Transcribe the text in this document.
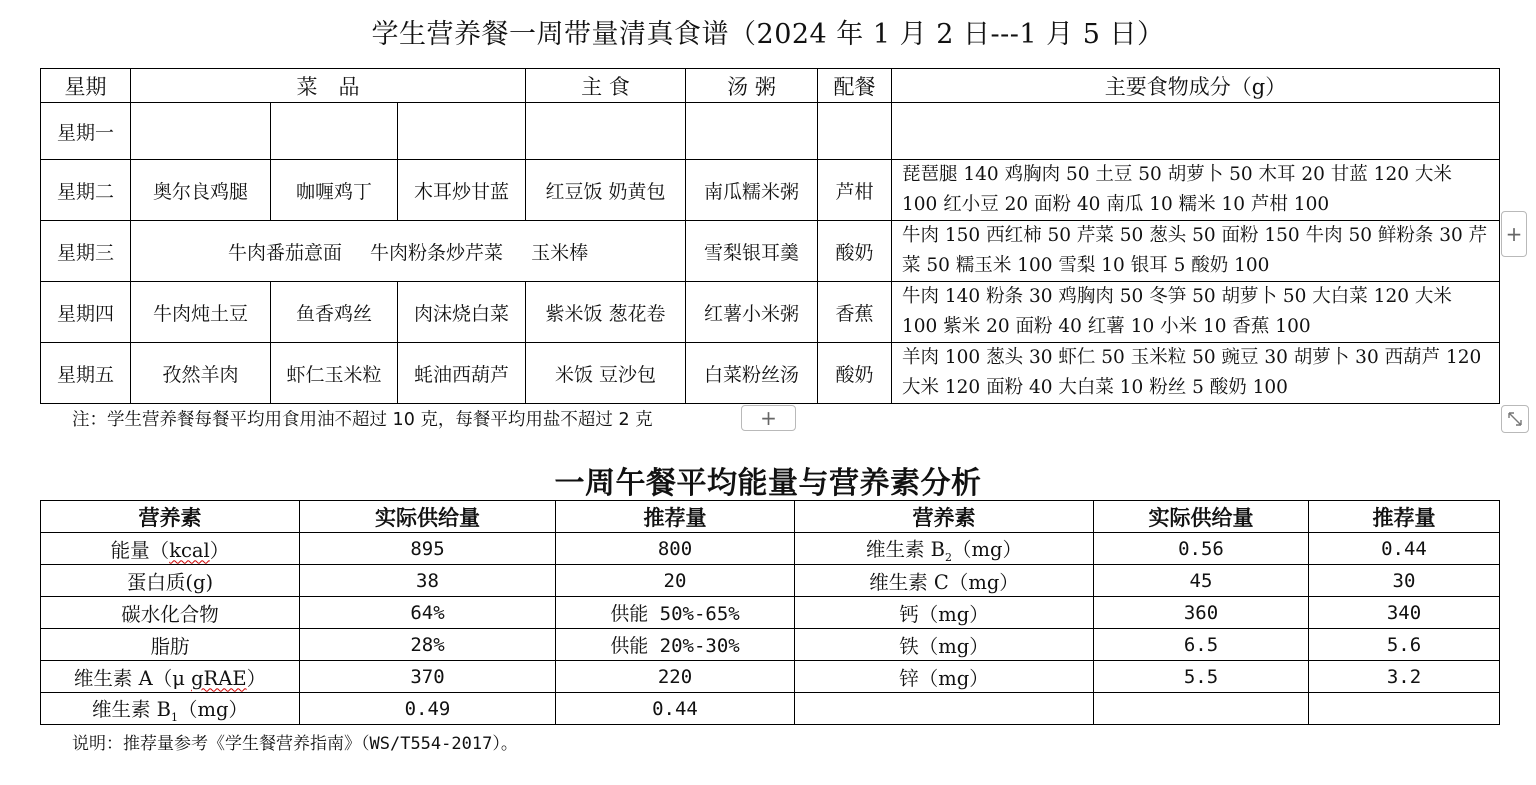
学生营养餐一周带量清真食谱（2024 年 1 月 2 日---1 月 5 日）
星期	菜　品			主 食	汤 粥	配餐	主要食物成分（g）
星期一							
星期二	奥尔良鸡腿	咖喱鸡丁	木耳炒甘蓝	红豆饭 奶黄包	南瓜糯米粥	芦柑	琵琶腿 140 鸡胸肉 50 土豆 50 胡萝卜 50 木耳 20 甘蓝 120 大米 100 红小豆 20 面粉 40 南瓜 10 糯米 10 芦柑 100
星期三	牛肉番茄意面 牛肉粉条炒芹菜 玉米棒				雪梨银耳羹	酸奶	牛肉 150 西红柿 50 芹菜 50 葱头 50 面粉 150 牛肉 50 鲜粉条 30 芹菜 50 糯玉米 100 雪梨 10 银耳 5 酸奶 100
星期四	牛肉炖土豆	鱼香鸡丝	肉沫烧白菜	紫米饭 葱花卷	红薯小米粥	香蕉	牛肉 140 粉条 30 鸡胸肉 50 冬笋 50 胡萝卜 50 大白菜 120 大米 100 紫米 20 面粉 40 红薯 10 小米 10 香蕉 100
星期五	孜然羊肉	虾仁玉米粒	蚝油西葫芦	米饭 豆沙包	白菜粉丝汤	酸奶	羊肉 100 葱头 30 虾仁 50 玉米粒 50 豌豆 30 胡萝卜 30 西葫芦 120 大米 120 面粉 40 大白菜 10 粉丝 5 酸奶 100
注：学生营养餐每餐平均用食用油不超过 10 克，每餐平均用盐不超过 2 克
+
+
一周午餐平均能量与营养素分析
营养素	实际供给量	推荐量	营养素	实际供给量	推荐量
能量（kcal）	895	800	维生素 $B_2(mg)$	0.56	0.44
蛋白质(g)	38	20	维生素 C（mg）	45	30
碳水化合物	64%	供能 50%-65%	钙（mg）	360	340
脂肪	28%	供能 20%-30%	铁（mg）	6.5	5.6
维生素 A（μ gRAE）	370	220	锌（mg）	5.5	3.2
维生素 $B_1(mg)$	0.49	0.44			
说明：推荐量参考《学生餐营养指南》（WS/T554-2017）。
